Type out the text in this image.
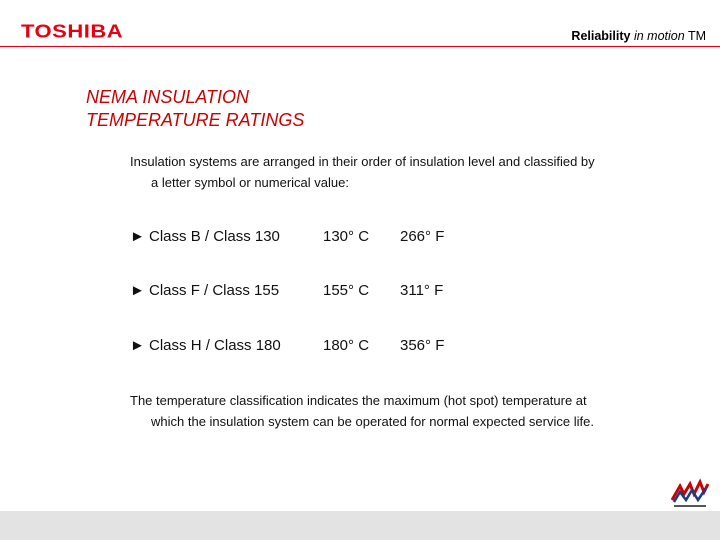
TOSHIBA	Reliability in motion TM
NEMA INSULATION
TEMPERATURE RATINGS
Insulation systems are arranged in their order of insulation level and classified by
a letter symbol or numerical value:
► Class B / Class 130	130° C 266° F
► Class F / Class 155	155° C 311° F
► Class H / Class 180	180° C 356° F
The temperature classification indicates the maximum (hot spot) temperature at
which the insulation system can be operated for normal expected service life.
